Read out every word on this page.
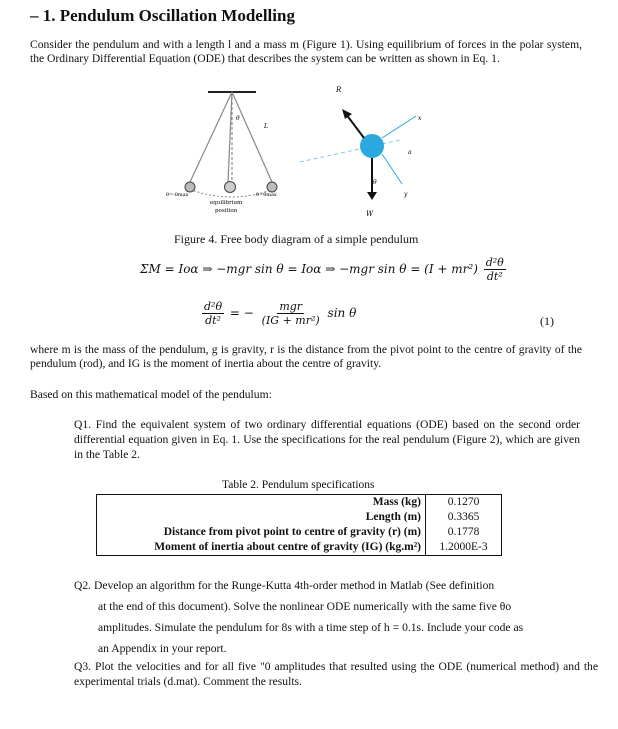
– 1. Pendulum Oscillation Modelling
Consider the pendulum and with a length l and a mass m (Figure 1). Using equilibrium of forces in the polar system, the Ordinary Differential Equation (ODE) that describes the system can be written as shown in Eq. 1.
θ
L
θ=-θmax	θ=θmax
equilibrium
position
R
x
a
θ
W
y
Figure 4. Free body diagram of a simple pendulum
ΣM = Ioα ⇒ −mgr sin θ = Ioα ⇒ −mgr $\sin \theta = (I + mr^2) \frac{\text{d²θ}}{\text{dt²}}$
$\frac{\text{d²θ}}{\text{dt²}}$ = − $\frac{\text{mgr}}{\text{(IG + mr²)}}$ sin θ
(1)
where m is the mass of the pendulum, g is gravity, r is the distance from the pivot point to the centre of gravity of the pendulum (rod), and IG is the moment of inertia about the centre of gravity.
Based on this mathematical model of the pendulum:
Q1. Find the equivalent system of two ordinary differential equations (ODE) based on the second order differential equation given in Eq. 1. Use the specifications for the real pendulum (Figure 2), which are given in the Table 2.
Table 2. Pendulum specifications
Mass (kg)	0.1270
Length (m)	0.3365
Distance from pivot point to centre of gravity (r) (m)	0.1778
Moment of inertia about centre of gravity (IG) (kg.m²)	1.2000E-3
Q2. Develop an algorithm for the Runge-Kutta 4th-order method in Matlab (See definition
at the end of this document). Solve the nonlinear ODE numerically with the same five θo
amplitudes. Simulate the pendulum for 8s with a time step of h = 0.1s. Include your code as
an Appendix in your report.
Q3. Plot the velocities and for all five "0 amplitudes that resulted using the ODE (numerical method) and the experimental trials (d.mat). Comment the results.
